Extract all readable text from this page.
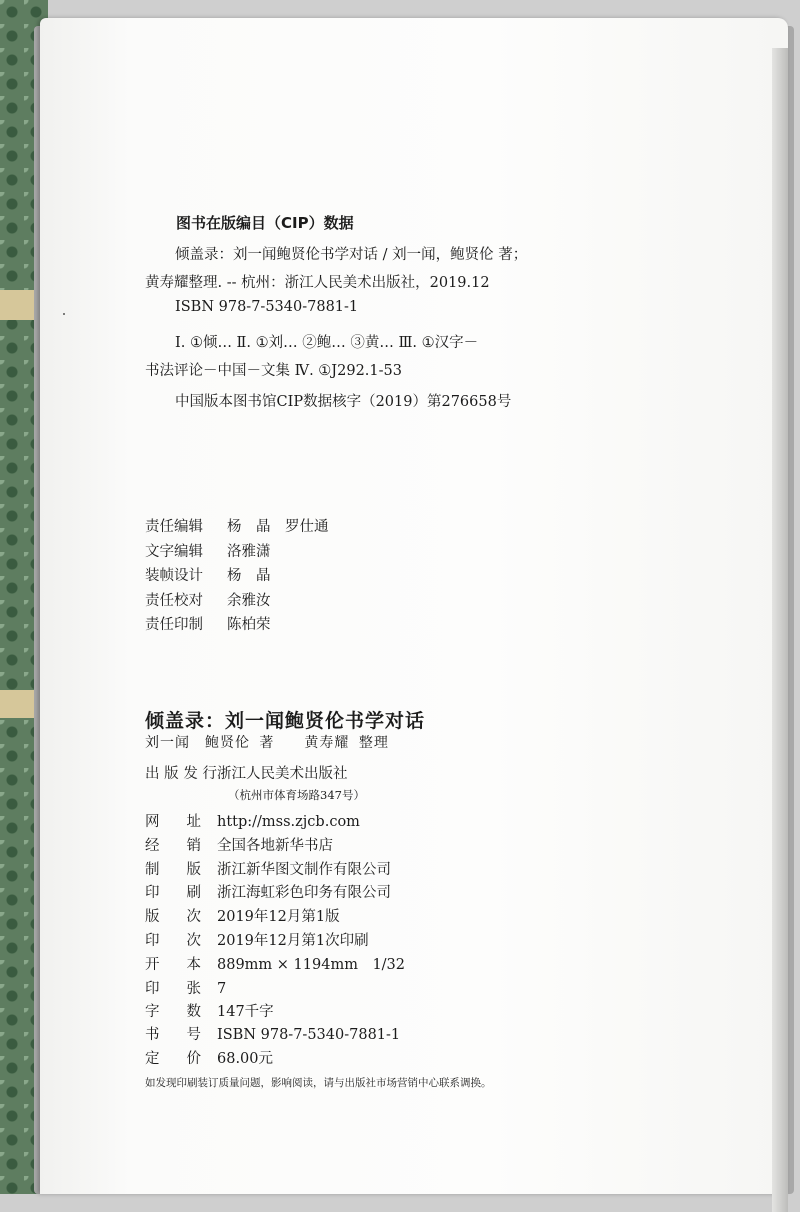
图书在版编目（CIP）数据
倾盖录：刘一闻鲍贤伦书学对话 / 刘一闻，鲍贤伦 著；
黄寿耀整理. -- 杭州：浙江人民美术出版社，2019.12
ISBN 978-7-5340-7881-1
Ⅰ. ①倾… Ⅱ. ①刘… ②鲍… ③黄… Ⅲ. ①汉字－
书法评论－中国－文集 Ⅳ. ①J292.1-53
中国版本图书馆CIP数据核字（2019）第276658号
责任编辑 杨　晶　罗仕通
文字编辑 洛雅潇
装帧设计 杨　晶
责任校对 余雅汝
责任印制 陈柏荣
倾盖录：刘一闻鲍贤伦书学对话
刘一闻　鲍贤伦 著　　黄寿耀 整理
出版发行浙江人民美术出版社
（杭州市体育场路347号）
网址 http://mss.zjcb.com
经销 全国各地新华书店
制版 浙江新华图文制作有限公司
印刷 浙江海虹彩色印务有限公司
版次 2019年12月第1版
印次 2019年12月第1次印刷
开本 889mm × 1194mm　1/32
印张 7
字数 147千字
书号 ISBN 978-7-5340-7881-1
定价 68.00元
如发现印刷装订质量问题，影响阅读，请与出版社市场营销中心联系调换。
